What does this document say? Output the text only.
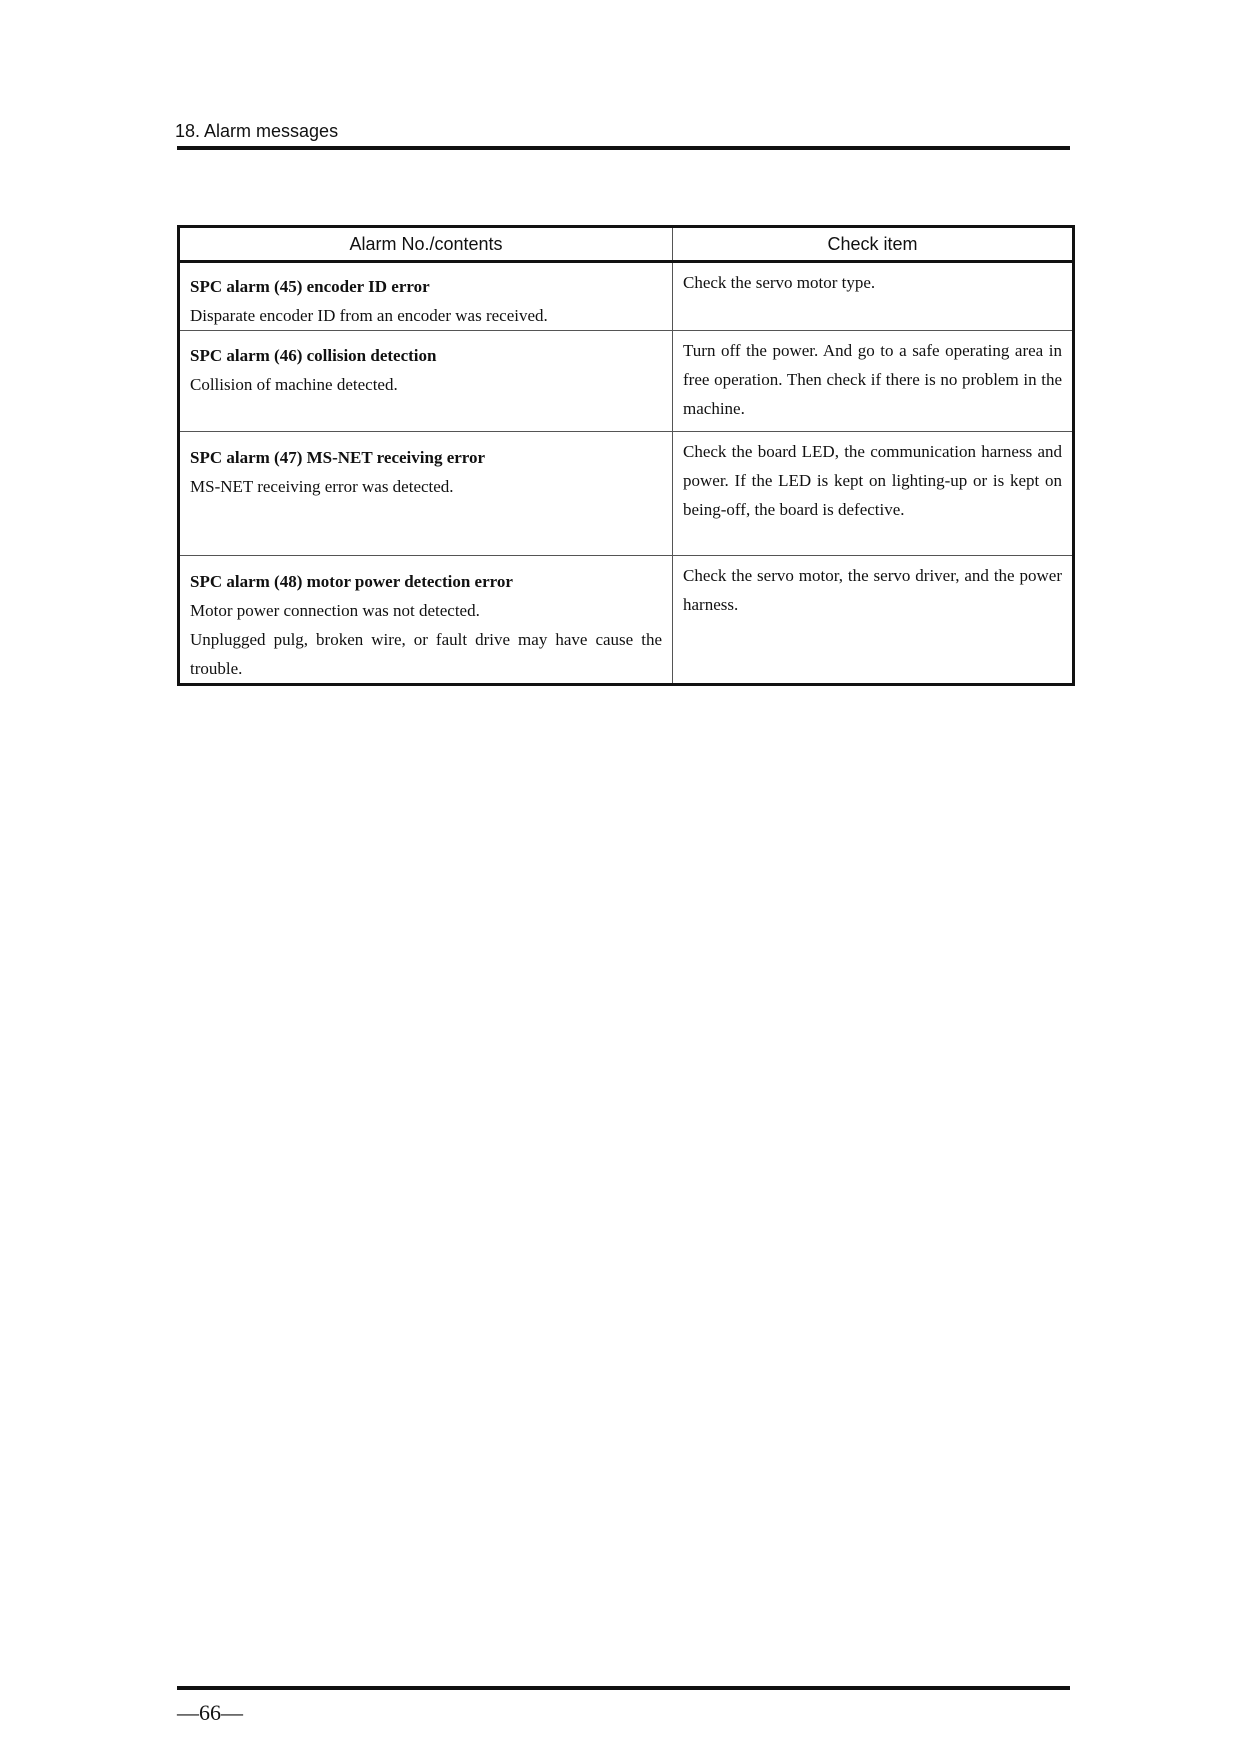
18. Alarm messages
Alarm No./contents	Check item

SPC alarm (45) encoder ID error
Disparate encoder ID from an encoder was received.	Check the servo motor type.

SPC alarm (46) collision detection
Collision of machine detected.	Turn off the power. And go to a safe operating area in free operation. Then check if there is no problem in the machine.

SPC alarm (47) MS-NET receiving error
MS-NET receiving error was detected.	Check the board LED, the communication harness and power. If the LED is kept on lighting-up or is kept on being-off, the board is defective.

SPC alarm (48) motor power detection error
Motor power connection was not detected.
Unplugged pulg, broken wire, or fault drive may have cause the trouble.	Check the servo motor, the servo driver, and the power harness.
—66—
